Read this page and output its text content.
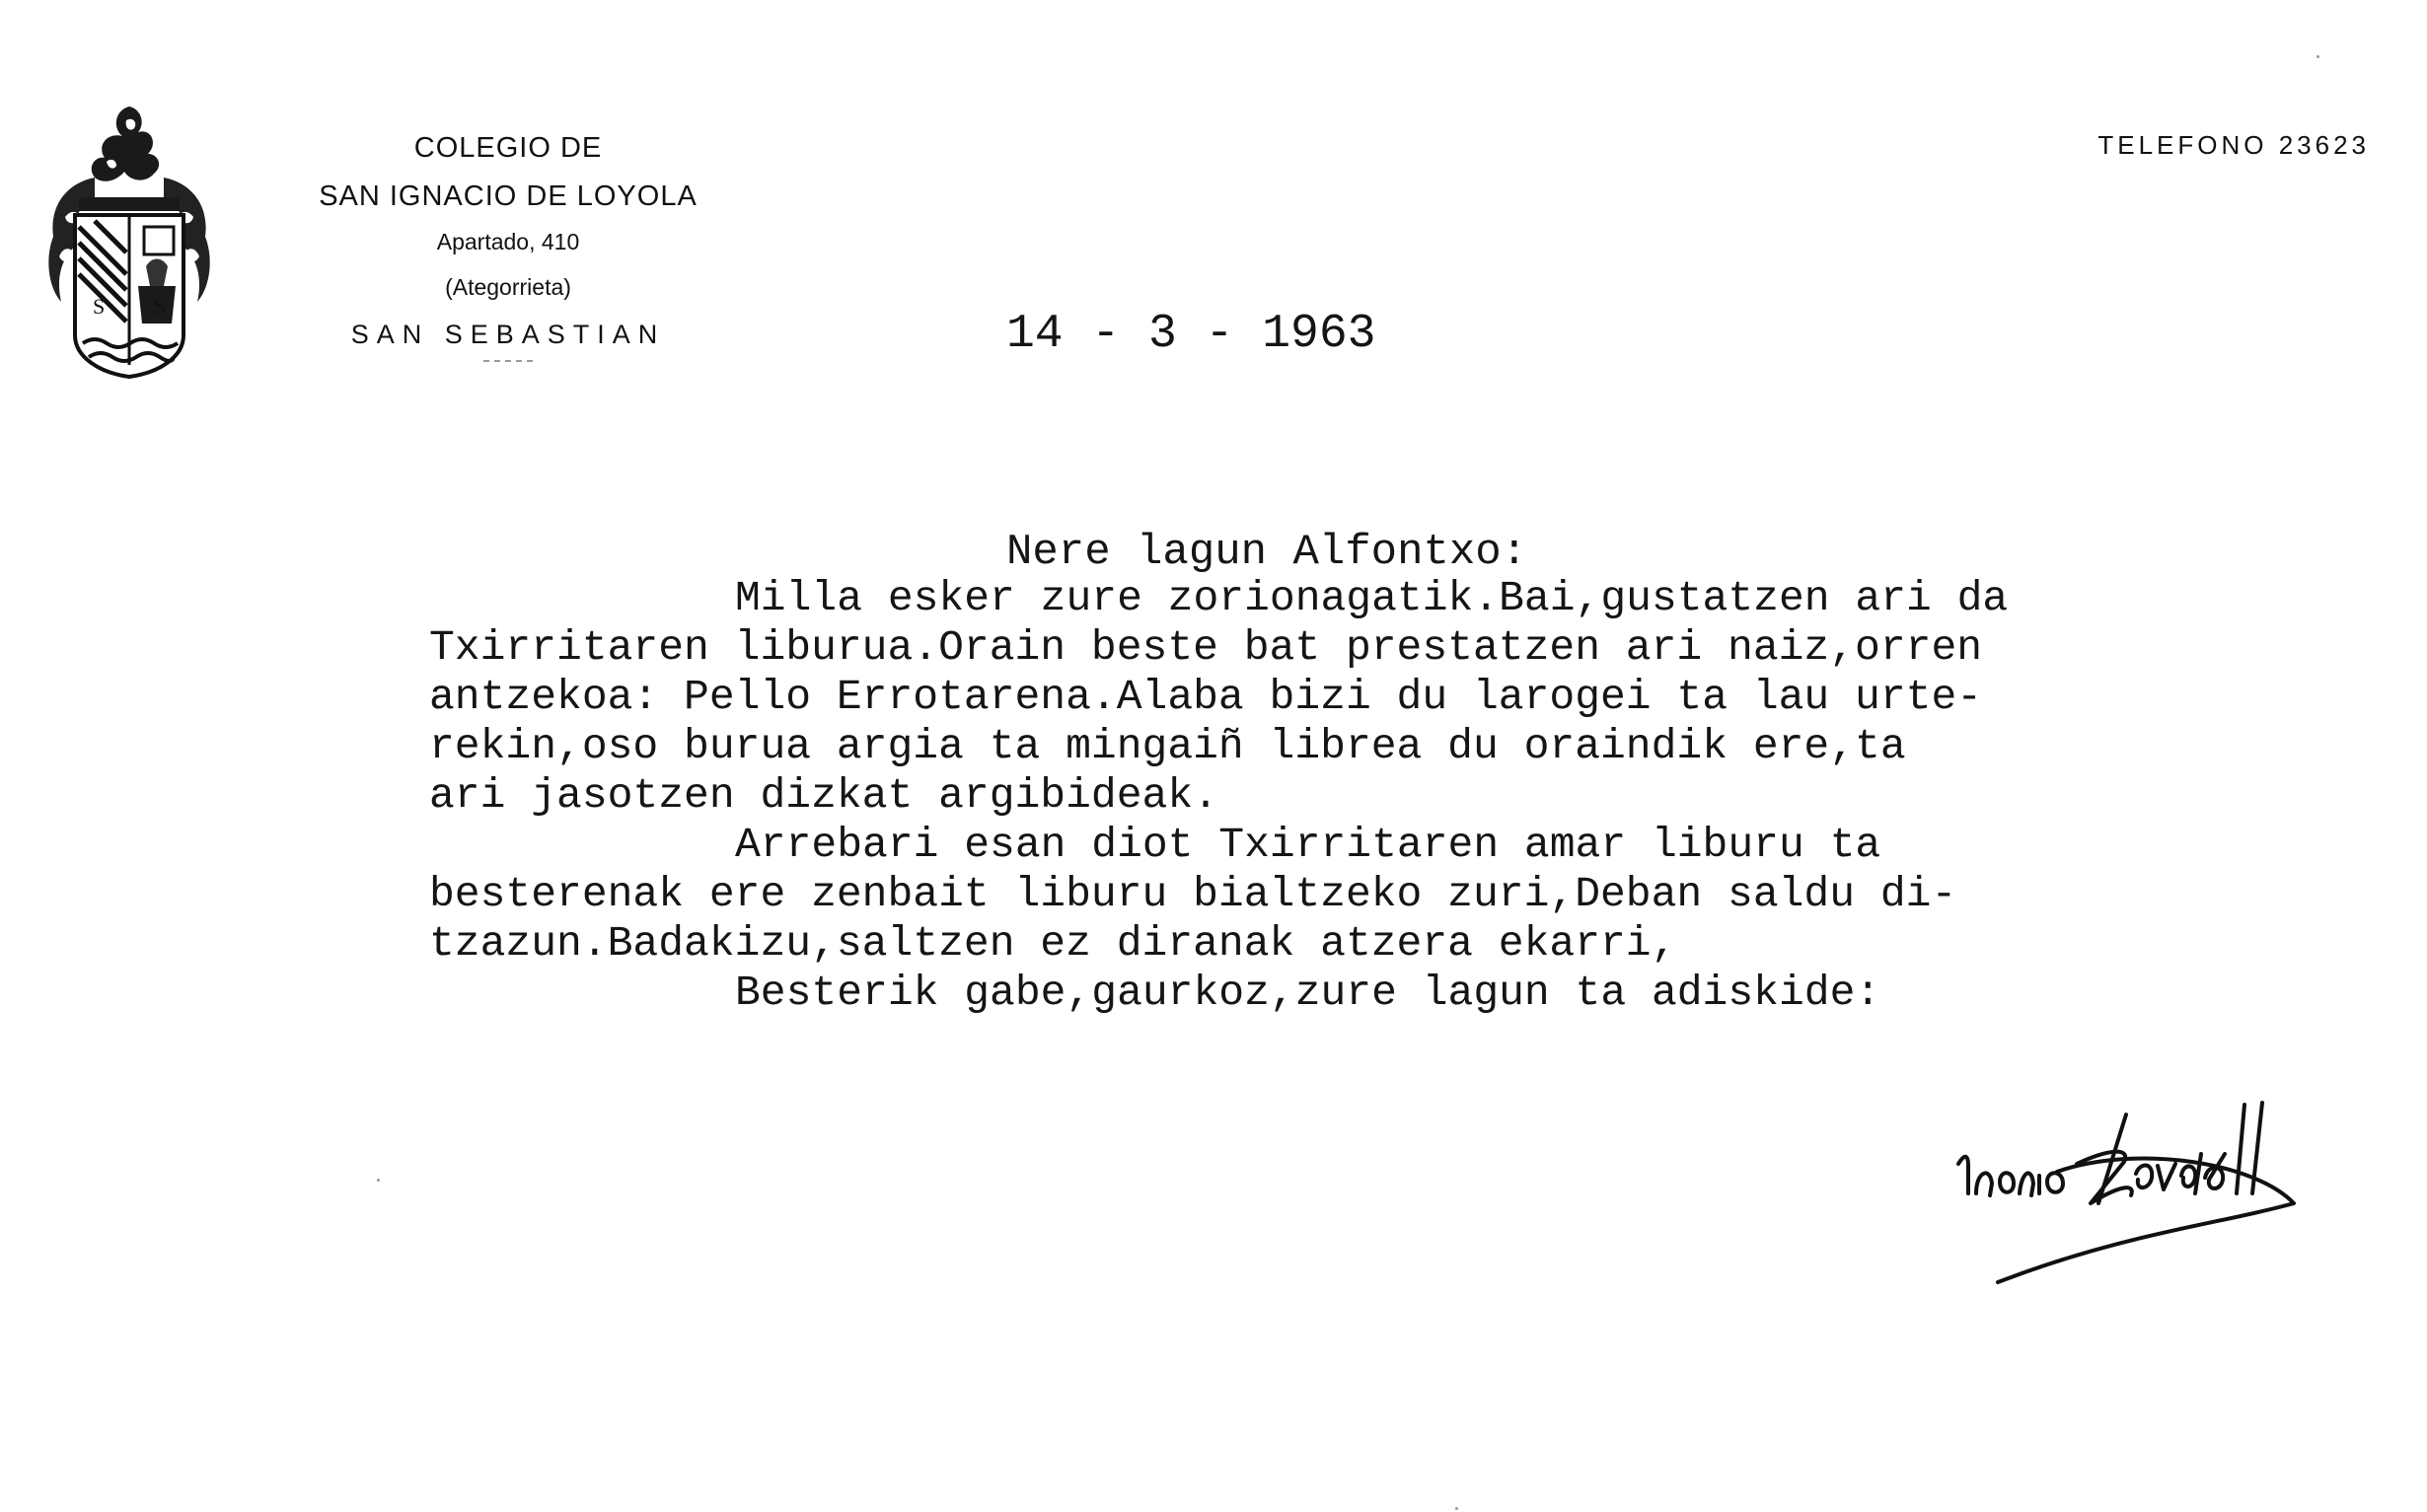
S S
COLEGIO DE
SAN IGNACIO DE LOYOLA
Apartado, 410
(Ategorrieta)
SAN SEBASTIAN
TELEFONO 23623
14 - 3 - 1963
Nere lagun Alfontxo:
Milla esker zure zorionagatik.Bai,gustatzen ari da
Txirritaren liburua.Orain beste bat prestatzen ari naiz,orren
antzekoa: Pello Errotarena.Alaba bizi du larogei ta lau urte-
rekin,oso burua argia ta mingaiñ librea du oraindik ere,ta
ari jasotzen dizkat argibideak.
Arrebari esan diot Txirritaren amar liburu ta
besterenak ere zenbait liburu bialtzeko zuri,Deban saldu di-
tzazun.Badakizu,saltzen ez diranak atzera ekarri,
Besterik gabe,gaurkoz,zure lagun ta adiskide:
